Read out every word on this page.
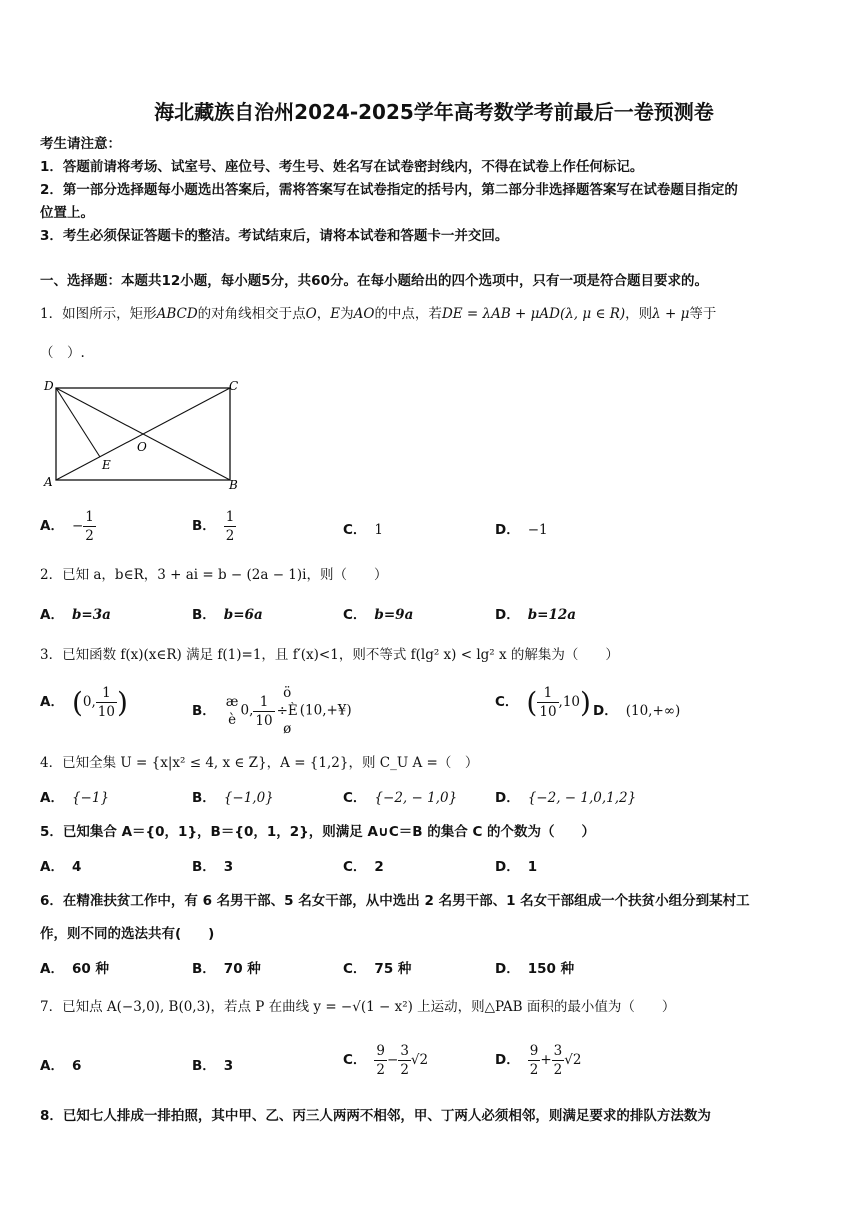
海北藏族自治州2024-2025学年高考数学考前最后一卷预测卷
考生请注意：
1．答题前请将考场、试室号、座位号、考生号、姓名写在试卷密封线内，不得在试卷上作任何标记。
2．第一部分选择题每小题选出答案后，需将答案写在试卷指定的括号内，第二部分非选择题答案写在试卷题目指定的
位置上。
3．考生必须保证答题卡的整洁。考试结束后，请将本试卷和答题卡一并交回。
一、选择题：本题共12小题，每小题5分，共60分。在每小题给出的四个选项中，只有一项是符合题目要求的。
1．如图所示，矩形ABCD的对角线相交于点O，E为AO的中点，若DE = λAB + μAD(λ, μ ∈ R)，则λ + μ等于
（　）.
D	C
A	B
O
E
A． − $\frac{1}{2}$	B． $\frac{1}{2}$	C． 1	D． −1
2．已知 a，b∈R，3 + ai = b − (2a − 1)i，则（　　）
A． b=3a	B． b=6a	C． b=9a	D． b=12a
3．已知函数 f(x)(x∈R) 满足 f(1)=1，且 f′(x)<1，则不等式 f(lg² x) < lg² x 的解集为（　　）
A． (0, $\frac{1}{10}$ )	B．
æ
è
0, $\frac{1}{10}$ ö
÷È
ø
(10,+¥)
C． ( $\frac{1}{10} ,10$) D． (10,+∞)
4．已知全集 U = {x|x² ≤ 4, x ∈ Z}，A = {1,2}，则 C_U A =（　）
A． {−1}	B． {−1,0}	C． {−2, − 1,0}	D． {−2, − 1,0,1,2}
5．已知集合 A＝{0，1}，B＝{0，1，2}，则满足 A∪C＝B 的集合 C 的个数为（　　）
A． 4	B． 3	C． 2	D． 1
6．在精准扶贫工作中，有 6 名男干部、5 名女干部，从中选出 2 名男干部、1 名女干部组成一个扶贫小组分到某村工
作，则不同的选法共有(　　)
A． 60 种	B． 70 种	C． 75 种	D． 150 种
7．已知点 A(−3,0), B(0,3)，若点 P 在曲线 y = −√(1 − x²) 上运动，则△PAB 面积的最小值为（　　）
A． 6	B． 3	C． $\frac{9}{2} - \frac{3}{2} √2$	D． $\frac{9}{2} + \frac{3}{2} √2$
8．已知七人排成一排拍照，其中甲、乙、丙三人两两不相邻，甲、丁两人必须相邻，则满足要求的排队方法数为
